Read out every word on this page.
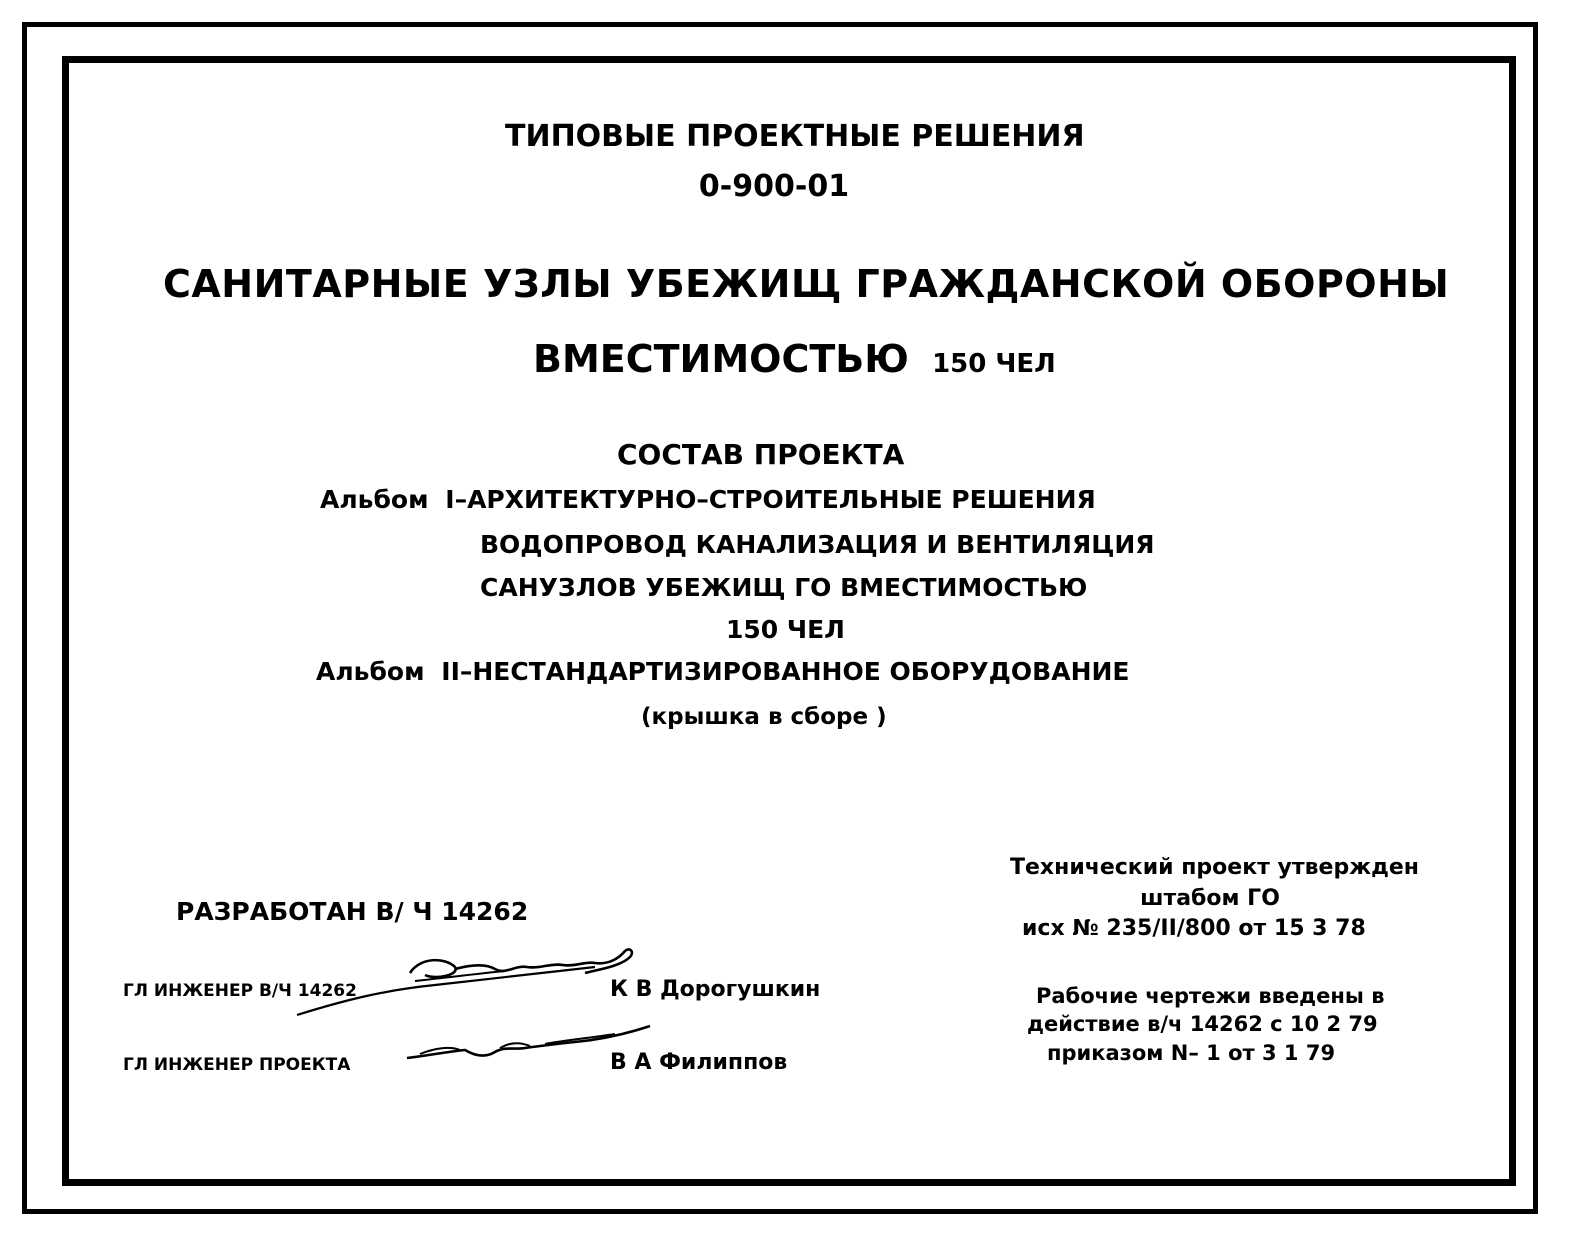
ТИПОВЫЕ ПРОЕКТНЫЕ РЕШЕНИЯ
0-900-01
САНИТАРНЫЕ УЗЛЫ УБЕЖИЩ ГРАЖДАНСКОЙ ОБОРОНЫ
ВМЕСТИМОСТЬЮ 150 ЧЕЛ
СОСТАВ ПРОЕКТА
Альбом I–АРХИТЕКТУРНО–СТРОИТЕЛЬНЫЕ РЕШЕНИЯ
ВОДОПРОВОД КАНАЛИЗАЦИЯ И ВЕНТИЛЯЦИЯ
САНУЗЛОВ УБЕЖИЩ ГО ВМЕСТИМОСТЬЮ
150 ЧЕЛ
Альбом II–НЕСТАНДАРТИЗИРОВАННОЕ ОБОРУДОВАНИЕ
(крышка в сборе )
Технический проект утвержден
штабом ГО
исх № 235/II/800 от 15 3 78
Рабочие чертежи введены в
действие в/ч 14262 с 10 2 79
приказом N– 1 от 3 1 79
РАЗРАБОТАН В/ Ч 14262
ГЛ ИНЖЕНЕР В/Ч 14262	К В Дорогушкин
ГЛ ИНЖЕНЕР ПРОЕКТА	В А Филиппов
